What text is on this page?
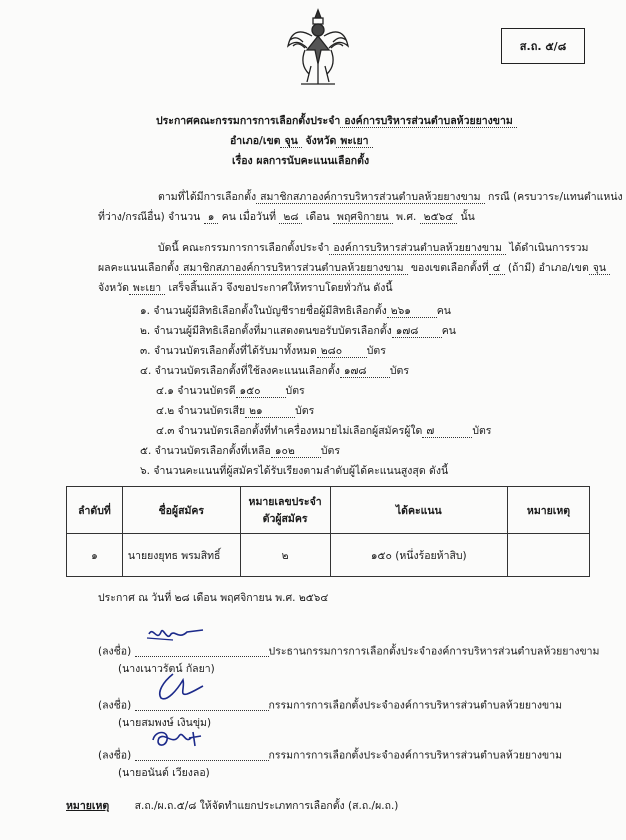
ส.ถ. ๕/๘
ประกาศคณะกรรมการการเลือกตั้งประจำ องค์การบริหารส่วนตำบลห้วยยางขาม
อำเภอ/เขต จุน จังหวัด พะเยา
เรื่อง ผลการนับคะแนนเลือกตั้ง
ตามที่ได้มีการเลือกตั้ง สมาชิกสภาองค์การบริหารส่วนตำบลห้วยยางขาม กรณี (ครบวาระ/แทนตำแหน่ง
ที่ว่าง/กรณีอื่น) จำนวน ๑ คน เมื่อวันที่ ๒๘ เดือน พฤศจิกายน พ.ศ. ๒๕๖๔ นั้น
บัดนี้ คณะกรรมการการเลือกตั้งประจำ องค์การบริหารส่วนตำบลห้วยยางขาม ได้ดำเนินการรวม
ผลคะแนนเลือกตั้ง สมาชิกสภาองค์การบริหารส่วนตำบลห้วยยางขาม ของเขตเลือกตั้งที่ ๔ (ถ้ามี) อำเภอ/เขต จุน
จังหวัด พะเยา เสร็จสิ้นแล้ว จึงขอประกาศให้ทราบโดยทั่วกัน ดังนี้
๑. จำนวนผู้มีสิทธิเลือกตั้งในบัญชีรายชื่อผู้มีสิทธิเลือกตั้ง ๒๖๑ คน
๒. จำนวนผู้มีสิทธิเลือกตั้งที่มาแสดงตนขอรับบัตรเลือกตั้ง ๑๗๘ คน
๓. จำนวนบัตรเลือกตั้งที่ได้รับมาทั้งหมด ๒๘๐ บัตร
๔. จำนวนบัตรเลือกตั้งที่ใช้ลงคะแนนเลือกตั้ง ๑๗๘ บัตร
๔.๑ จำนวนบัตรดี ๑๕๐ บัตร
๔.๒ จำนวนบัตรเสีย ๒๑	บัตร
๔.๓ จำนวนบัตรเลือกตั้งที่ทำเครื่องหมายไม่เลือกผู้สมัครผู้ใด ๗	บัตร
๕. จำนวนบัตรเลือกตั้งที่เหลือ ๑๐๒ บัตร
๖. จำนวนคะแนนที่ผู้สมัครได้รับเรียงตามลำดับผู้ได้คะแนนสูงสุด ดังนี้
ลำดับที่	ชื่อผู้สมัคร	หมายเลขประจำตัวผู้สมัคร	ได้คะแนน	หมายเหตุ
๑	นายยงยุทธ พรมสิทธิ์	๒	๑๕๐ (หนึ่งร้อยห้าสิบ)	
ประกาศ ณ วันที่ ๒๘ เดือน พฤศจิกายน พ.ศ. ๒๕๖๔
(ลงชื่อ)	ประธานกรรมการการเลือกตั้งประจำองค์การบริหารส่วนตำบลห้วยยางขาม
(นางเนาวรัตน์ กัลยา)
(ลงชื่อ)	กรรมการการเลือกตั้งประจำองค์การบริหารส่วนตำบลห้วยยางขาม
(นายสมพงษ์ เงินขุ่ม)
(ลงชื่อ)	กรรมการการเลือกตั้งประจำองค์การบริหารส่วนตำบลห้วยยางขาม
(นายอนันต์ เวียงลอ)
หมายเหตุ ส.ถ./ผ.ถ.๕/๘ ให้จัดทำแยกประเภทการเลือกตั้ง (ส.ถ./ผ.ถ.)
